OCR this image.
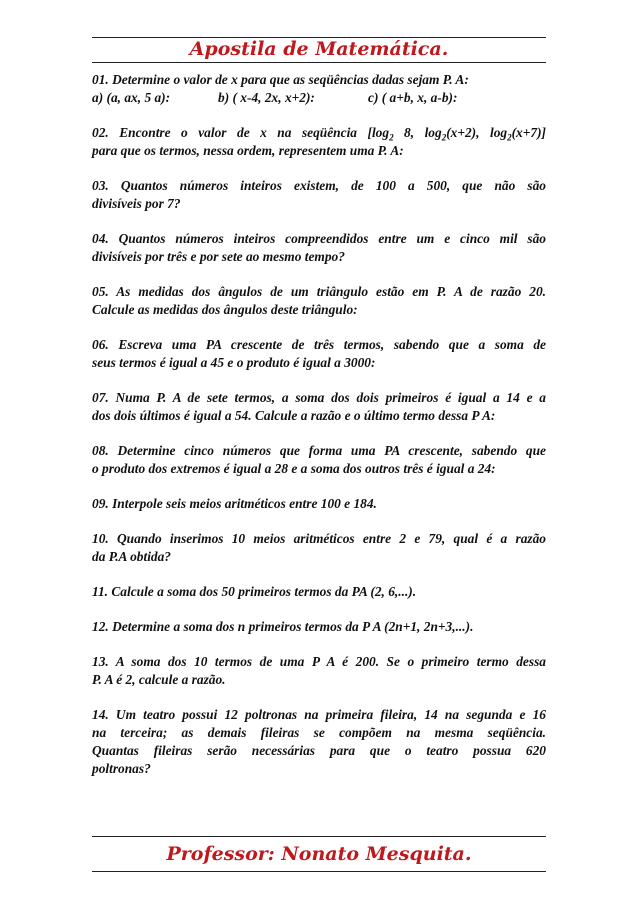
Apostila de Matemática.
01. Determine o valor de x para que as seqüências dadas sejam P. A:
a) (a, ax, 5 a):	b) ( x-4, 2x, x+2):	c) ( a+b, x, a-b):
02. Encontre o valor de x na seqüência [$\log_2$ 8, $\log_2(x+2)$, $\log_2(x+7)$]
para que os termos, nessa ordem, representem uma P. A:
03. Quantos números inteiros existem, de 100 a 500, que não são
divisíveis por 7?
04. Quantos números inteiros compreendidos entre um e cinco mil são
divisíveis por três e por sete ao mesmo tempo?
05. As medidas dos ângulos de um triângulo estão em P. A de razão 20.
Calcule as medidas dos ângulos deste triângulo:
06. Escreva uma PA crescente de três termos, sabendo que a soma de
seus termos é igual a 45 e o produto é igual a 3000:
07. Numa P. A de sete termos, a soma dos dois primeiros é igual a 14 e a
dos dois últimos é igual a 54. Calcule a razão e o último termo dessa P A:
08. Determine cinco números que forma uma PA crescente, sabendo que
o produto dos extremos é igual a 28 e a soma dos outros três é igual a 24:
09. Interpole seis meios aritméticos entre 100 e 184.
10. Quando inserimos 10 meios aritméticos entre 2 e 79, qual é a razão
da P.A obtida?
11. Calcule a soma dos 50 primeiros termos da PA (2, 6,...).
12. Determine a soma dos n primeiros termos da P A (2n+1, 2n+3,...).
13. A soma dos 10 termos de uma P A é 200. Se o primeiro termo dessa
P. A é 2, calcule a razão.
14. Um teatro possui 12 poltronas na primeira fileira, 14 na segunda e 16
na terceira; as demais fileiras se compõem na mesma seqüência.
Quantas fileiras serão necessárias para que o teatro possua 620
poltronas?
Professor: Nonato Mesquita.
